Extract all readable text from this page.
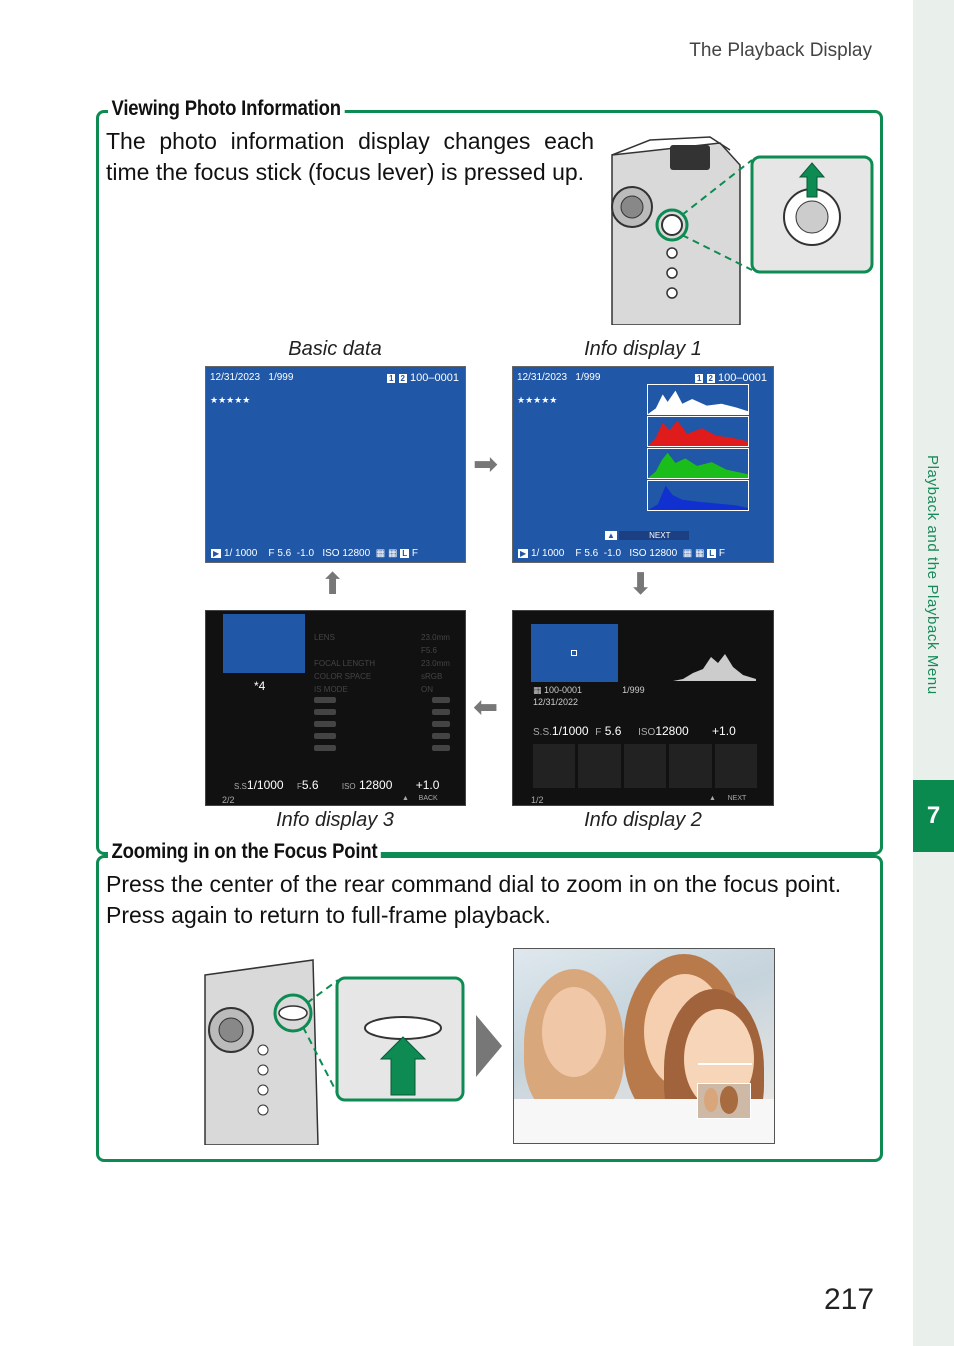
Playback and the Playback Menu
7
The Playback Display
Viewing Photo Information
The photo information display changes each time the focus stick (focus lever) is pressed up.
Basic data	Info display 1
Info display 3	Info display 2
12/31/2023 1/999	1 2 100–0001
★★★★★
▶ 1/ 1000    F 5.6 -1.0   ISO 12800  ▦ ▦ L F
➡
12/31/2023 1/999	1 2 100–0001
★★★★★
▲	NEXT
▶ 1/ 1000    F 5.6 -1.0   ISO 12800  ▦ ▦ L F
⬆	⬇
*4
LENS

FOCAL LENGTH
COLOR SPACE
IS MODE
23.0mm
F5.6
23.0mm
sRGB
ON
S.S1/1000 F5.6	ISO 12800 +1.0
2/2	▲     BACK
⬅
▦ 100-0001	1/999
12/31/2022
S.S.1/1000 F 5.6 ISO12800 +1.0
1/2	▲      NEXT
Zooming in on the Focus Point
Press the center of the rear command dial to zoom in on the focus point. Press again to return to full-frame playback.
217
